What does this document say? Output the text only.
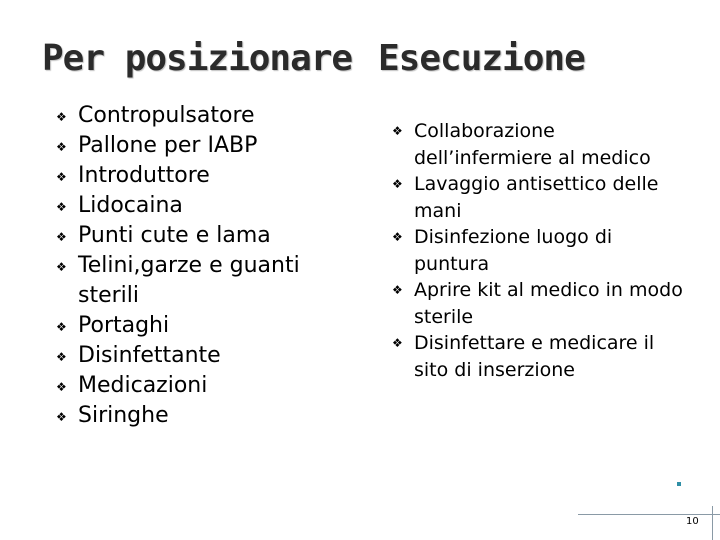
Per posizionare Esecuzione
❖ Contropulsatore
❖ Pallone per IABP
❖ Introduttore
❖ Lidocaina
❖ Punti cute e lama
❖ Telini,garze e guanti sterili
❖ Portaghi
❖ Disinfettante
❖ Medicazioni
❖ Siringhe
❖ Collaborazione dell’infermiere al medico
❖ Lavaggio antisettico delle mani
❖ Disinfezione luogo di puntura
❖ Aprire kit al medico in modo sterile
❖ Disinfettare e medicare il sito di inserzione
10
